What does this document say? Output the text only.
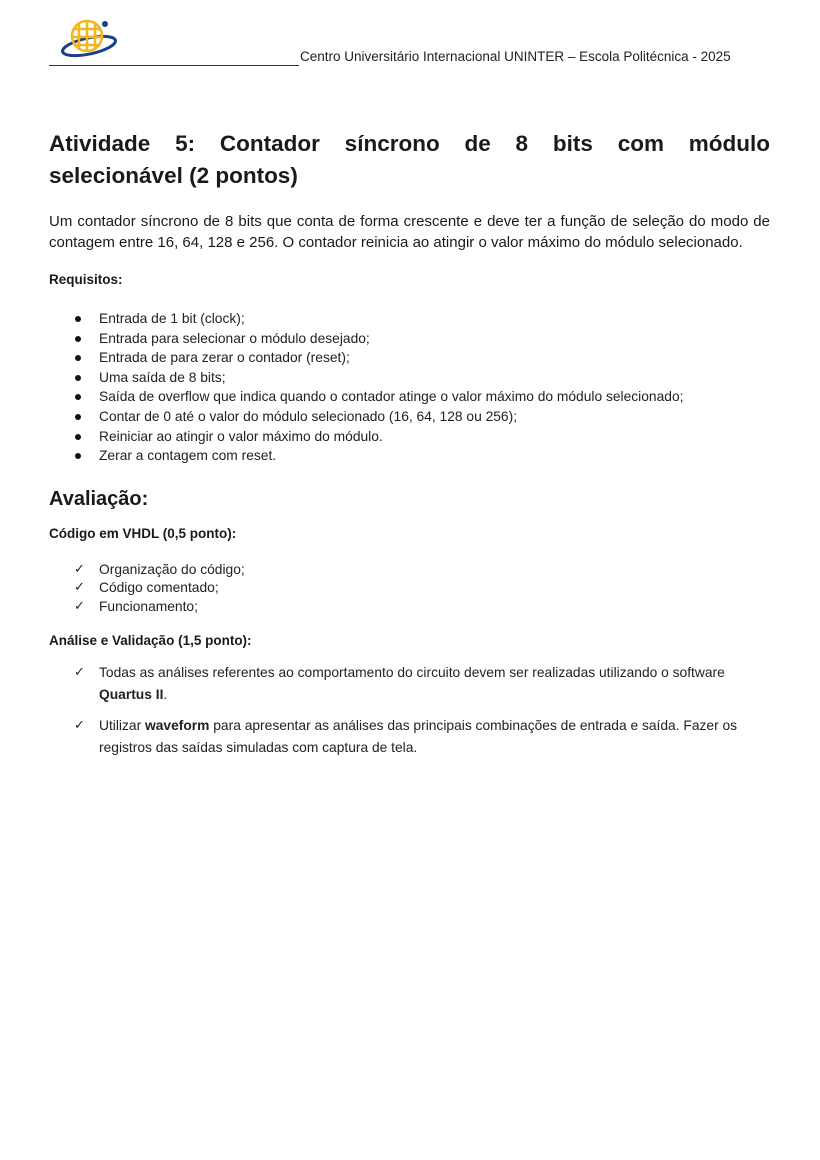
Centro Universitário Internacional UNINTER – Escola Politécnica - 2025
Atividade 5: Contador síncrono de 8 bits com módulo
selecionável (2 pontos)

Um contador síncrono de 8 bits que conta de forma crescente e deve ter a função de seleção do modo de contagem entre 16, 64, 128 e 256. O contador reinicia ao atingir o valor máximo do módulo selecionado.

Requisitos:

Entrada de 1 bit (clock);
Entrada para selecionar o módulo desejado;
Entrada de para zerar o contador (reset);
Uma saída de 8 bits;
Saída de overflow que indica quando o contador atinge o valor máximo do módulo selecionado;
Contar de 0 até o valor do módulo selecionado (16, 64, 128 ou 256);
Reiniciar ao atingir o valor máximo do módulo.
Zerar a contagem com reset.
Avaliação:

Código em VHDL (0,5 ponto):

✓ Organização do código;
✓ Código comentado;
✓ Funcionamento;

Análise e Validação (1,5 ponto):

✓ Todas as análises referentes ao comportamento do circuito devem ser realizadas utilizando o software Quartus II.
✓ Utilizar waveform para apresentar as análises das principais combinações de entrada e saída. Fazer os registros das saídas simuladas com captura de tela.
